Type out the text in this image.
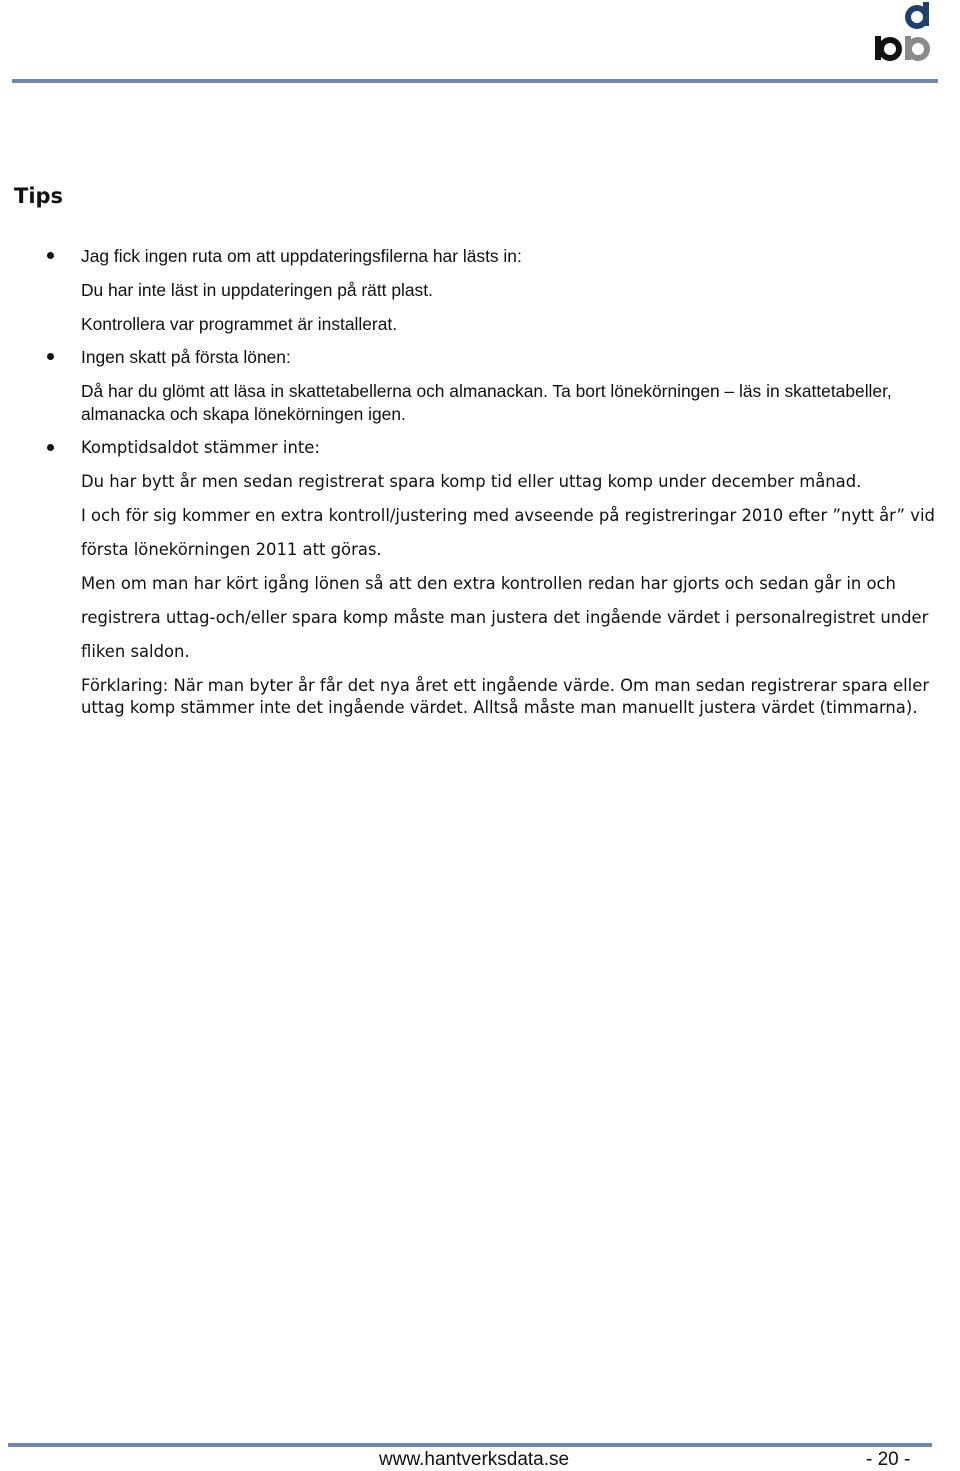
Tips

Jag fick ingen ruta om att uppdateringsfilerna har lästs in:

Du har inte läst in uppdateringen på rätt plast.

Kontrollera var programmet är installerat.

Ingen skatt på första lönen:

Då har du glömt att läsa in skattetabellerna och almanackan. Ta bort lönekörningen – läs in skattetabeller,

almanacka och skapa lönekörningen igen.

Komptidsaldot stämmer inte:

Du har bytt år men sedan registrerat spara komp tid eller uttag komp under december månad.

I och för sig kommer en extra kontroll/justering med avseende på registreringar 2010 efter ”nytt år” vid

första lönekörningen 2011 att göras.

Men om man har kört igång lönen så att den extra kontrollen redan har gjorts och sedan går in och

registrera uttag-och/eller spara komp måste man justera det ingående värdet i personalregistret under

fliken saldon.

Förklaring: När man byter år får det nya året ett ingående värde. Om man sedan registrerar spara eller

uttag komp stämmer inte det ingående värdet. Alltså måste man manuellt justera värdet (timmarna).

www.hantverksdata.se	- 20 -
